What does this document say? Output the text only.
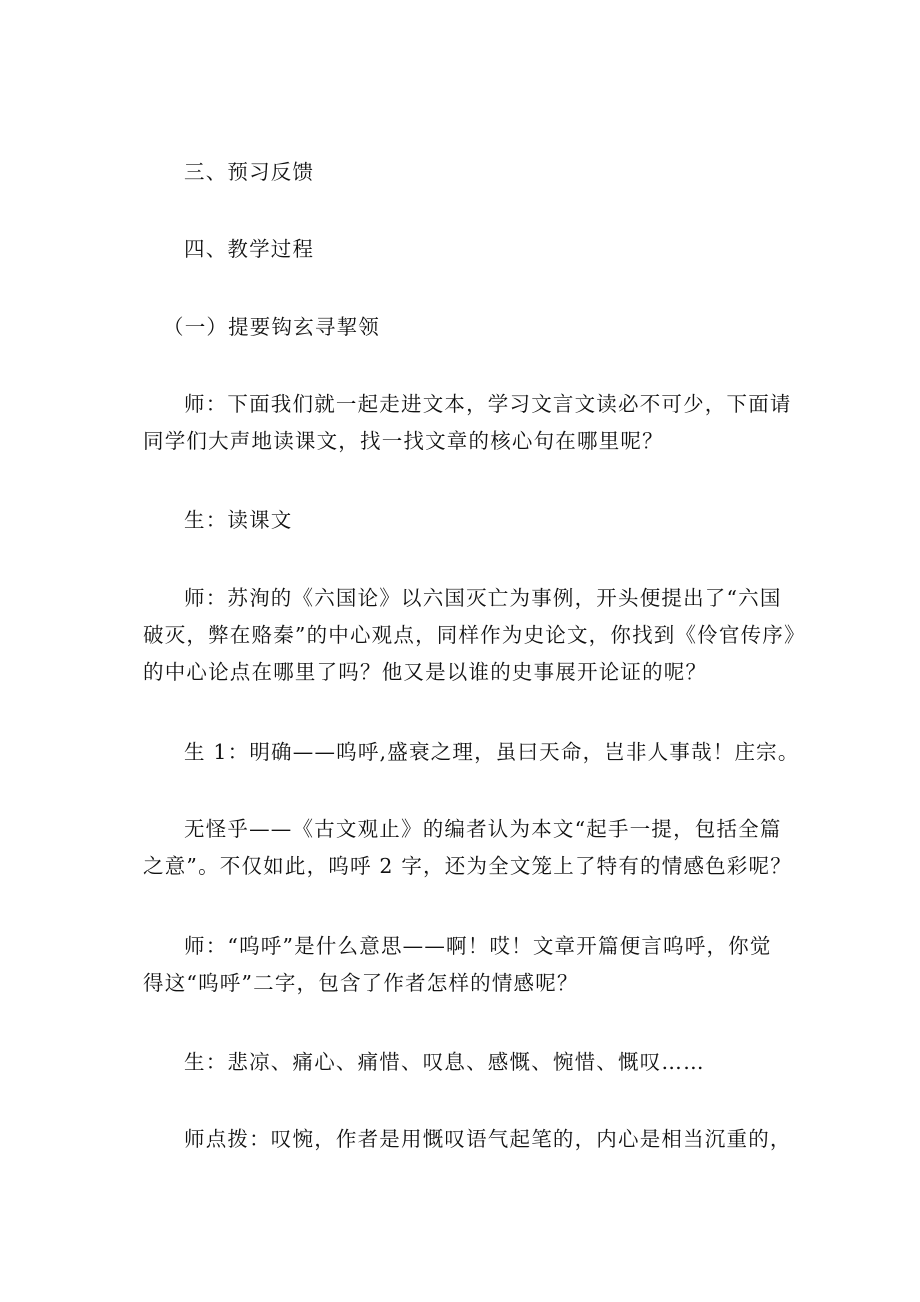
三、预习反馈

四、教学过程

（一）提要钩玄寻挈领

师：下面我们就一起走进文本，学习文言文读必不可少，下面请
同学们大声地读课文，找一找文章的核心句在哪里呢？

生：读课文

师：苏洵的《六国论》以六国灭亡为事例，开头便提出了“六国
破灭，弊在赂秦”的中心观点，同样作为史论文，你找到《伶官传序》
的中心论点在哪里了吗？他又是以谁的史事展开论证的呢？

生 1：明确——呜呼,盛衰之理，虽曰天命，岂非人事哉！庄宗。

无怪乎——《古文观止》的编者认为本文“起手一提，包括全篇
之意”。不仅如此，呜呼 2 字，还为全文笼上了特有的情感色彩呢？

师：“呜呼”是什么意思——啊！哎！文章开篇便言呜呼，你觉
得这“呜呼”二字，包含了作者怎样的情感呢？

生：悲凉、痛心、痛惜、叹息、感慨、惋惜、慨叹……

师点拨：叹惋，作者是用慨叹语气起笔的，内心是相当沉重的，
